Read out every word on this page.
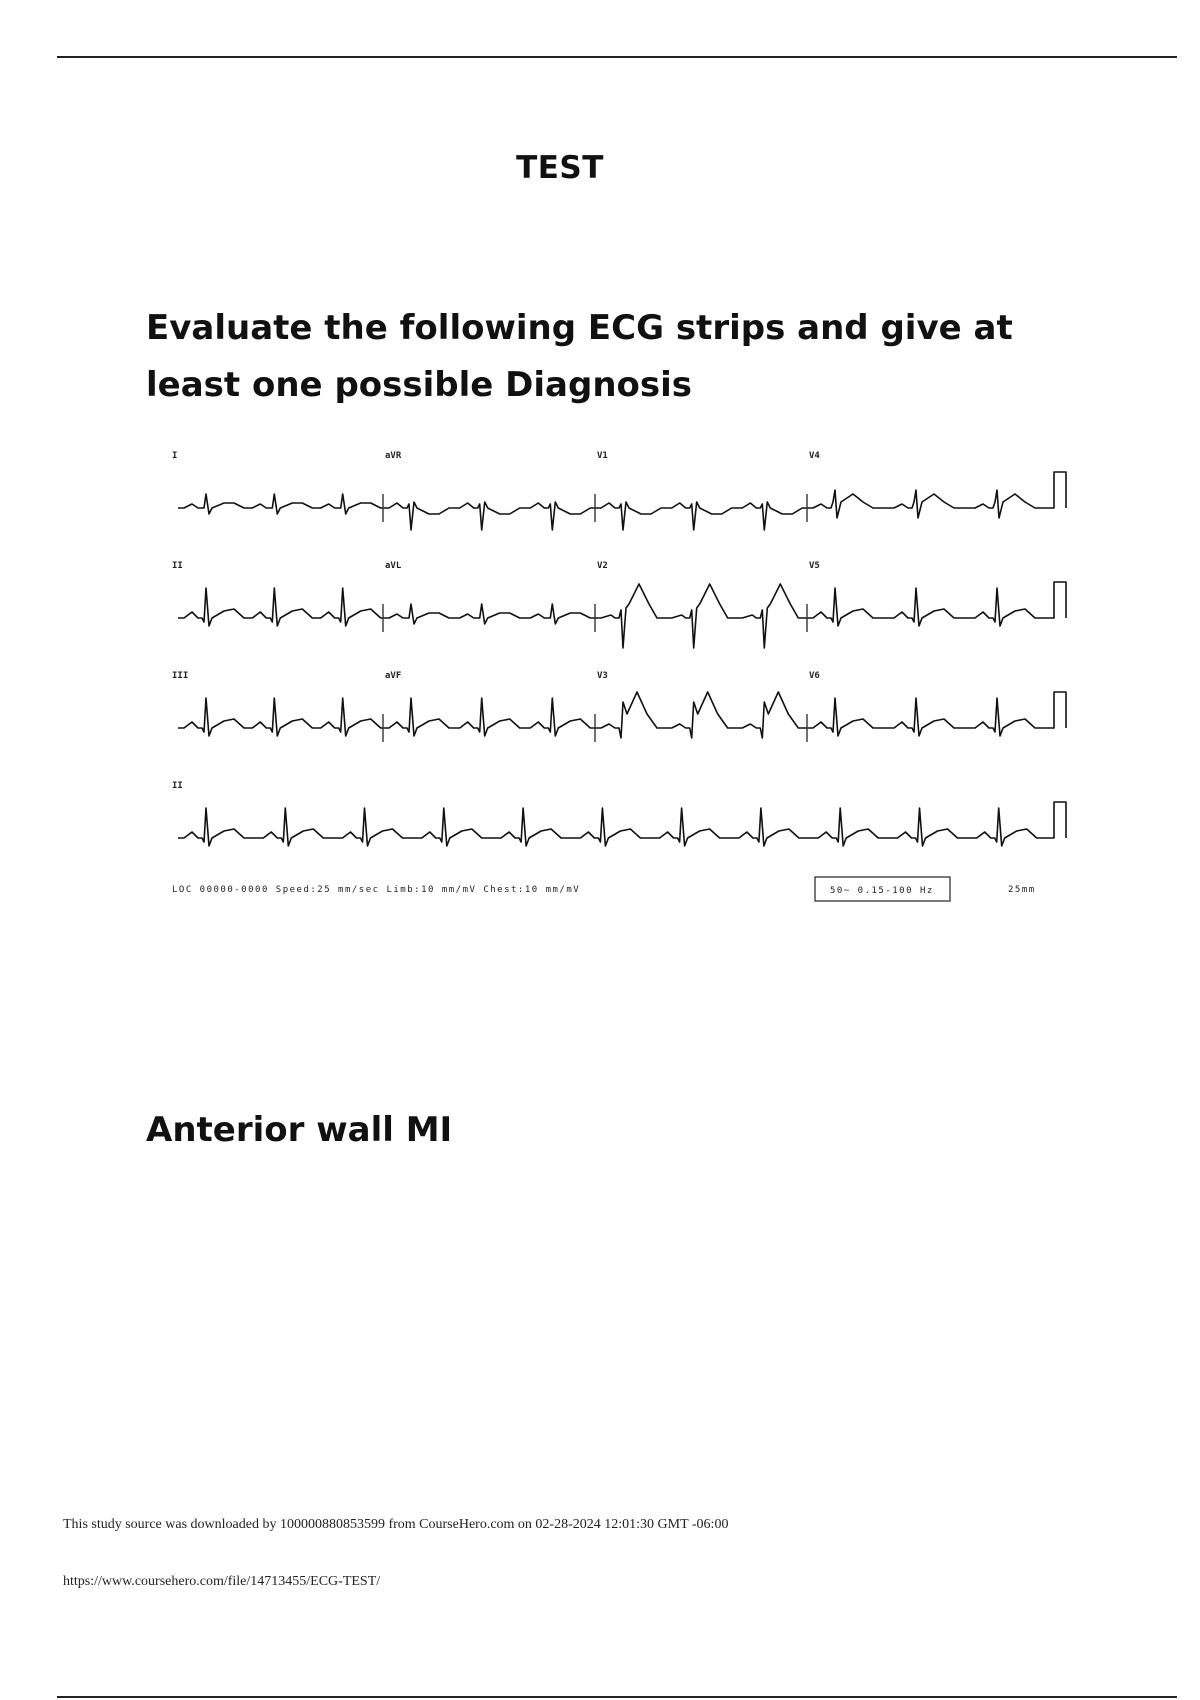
TEST
Evaluate the following ECG strips and give at least one possible Diagnosis
I	aVR	V1	V4
II	aVL	V2	V5
III	aVF	V3	V6
II
LOC 00000-0000 Speed:25 mm/sec Limb:10 mm/mV Chest:10 mm/mV	50~ 0.15-100 Hz	25mm
Anterior wall MI
This study source was downloaded by 100000880853599 from CourseHero.com on 02-28-2024 12:01:30 GMT -06:00
https://www.coursehero.com/file/14713455/ECG-TEST/
